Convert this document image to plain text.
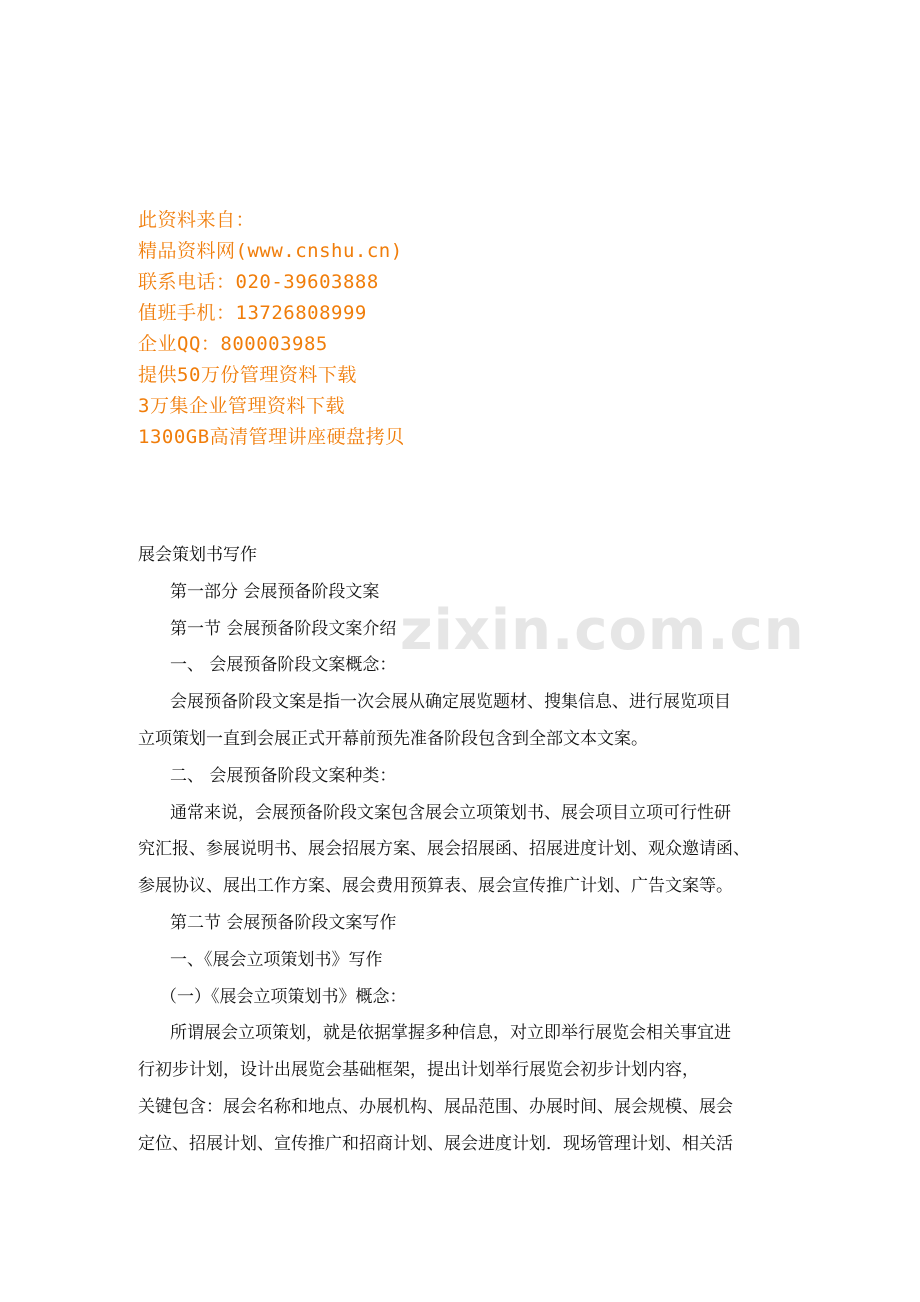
此资料来自：
精品资料网(www.cnshu.cn)
联系电话：020-39603888
值班手机：13726808999
企业QQ：800003985
提供50万份管理资料下载
3万集企业管理资料下载
1300GB高清管理讲座硬盘拷贝
zixin.com.cn
展会策划书写作
第一部分 会展预备阶段文案
第一节 会展预备阶段文案介绍
一、 会展预备阶段文案概念：
会展预备阶段文案是指一次会展从确定展览题材、搜集信息、进行展览项目
立项策划一直到会展正式开幕前预先准备阶段包含到全部文本文案。
二、 会展预备阶段文案种类：
通常来说，会展预备阶段文案包含展会立项策划书、展会项目立项可行性研
究汇报、参展说明书、展会招展方案、展会招展函、招展进度计划、观众邀请函、
参展协议、展出工作方案、展会费用预算表、展会宣传推广计划、广告文案等。
第二节 会展预备阶段文案写作
一、《展会立项策划书》写作
（一）《展会立项策划书》概念：
所谓展会立项策划，就是依据掌握多种信息，对立即举行展览会相关事宜进
行初步计划，设计出展览会基础框架，提出计划举行展览会初步计划内容，
关键包含：展会名称和地点、办展机构、展品范围、办展时间、展会规模、展会
定位、招展计划、宣传推广和招商计划、展会进度计划．现场管理计划、相关活
